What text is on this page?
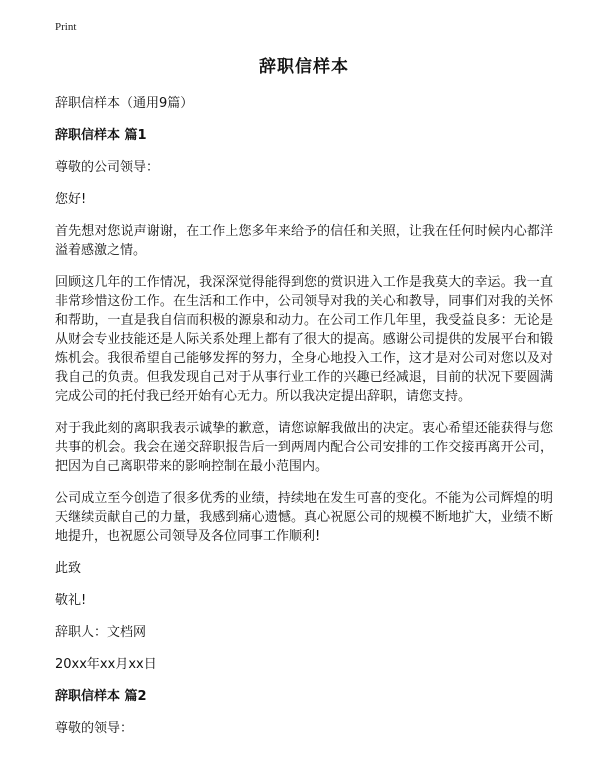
Print
辞职信样本
辞职信样本（通用9篇）
辞职信样本 篇1
尊敬的公司领导：
您好!
首先想对您说声谢谢，在工作上您多年来给予的信任和关照，让我在任何时候内心都洋溢着感激之情。
回顾这几年的工作情况，我深深觉得能得到您的赏识进入工作是我莫大的幸运。我一直非常珍惜这份工作。在生活和工作中，公司领导对我的关心和教导，同事们对我的关怀和帮助，一直是我自信而积极的源泉和动力。在公司工作几年里，我受益良多：无论是从财会专业技能还是人际关系处理上都有了很大的提高。感谢公司提供的发展平台和锻炼机会。我很希望自己能够发挥的努力，全身心地投入工作，这才是对公司对您以及对我自己的负责。但我发现自己对于从事行业工作的兴趣已经减退，目前的状况下要圆满完成公司的托付我已经开始有心无力。所以我决定提出辞职，请您支持。
对于我此刻的离职我表示诚挚的歉意，请您谅解我做出的决定。衷心希望还能获得与您共事的机会。我会在递交辞职报告后一到两周内配合公司安排的工作交接再离开公司，把因为自己离职带来的影响控制在最小范围内。
公司成立至今创造了很多优秀的业绩，持续地在发生可喜的变化。不能为公司辉煌的明天继续贡献自己的力量，我感到痛心遗憾。真心祝愿公司的规模不断地扩大，业绩不断地提升，也祝愿公司领导及各位同事工作顺利!
此致
敬礼!
辞职人：文档网
20xx年xx月xx日
辞职信样本 篇2
尊敬的领导：
